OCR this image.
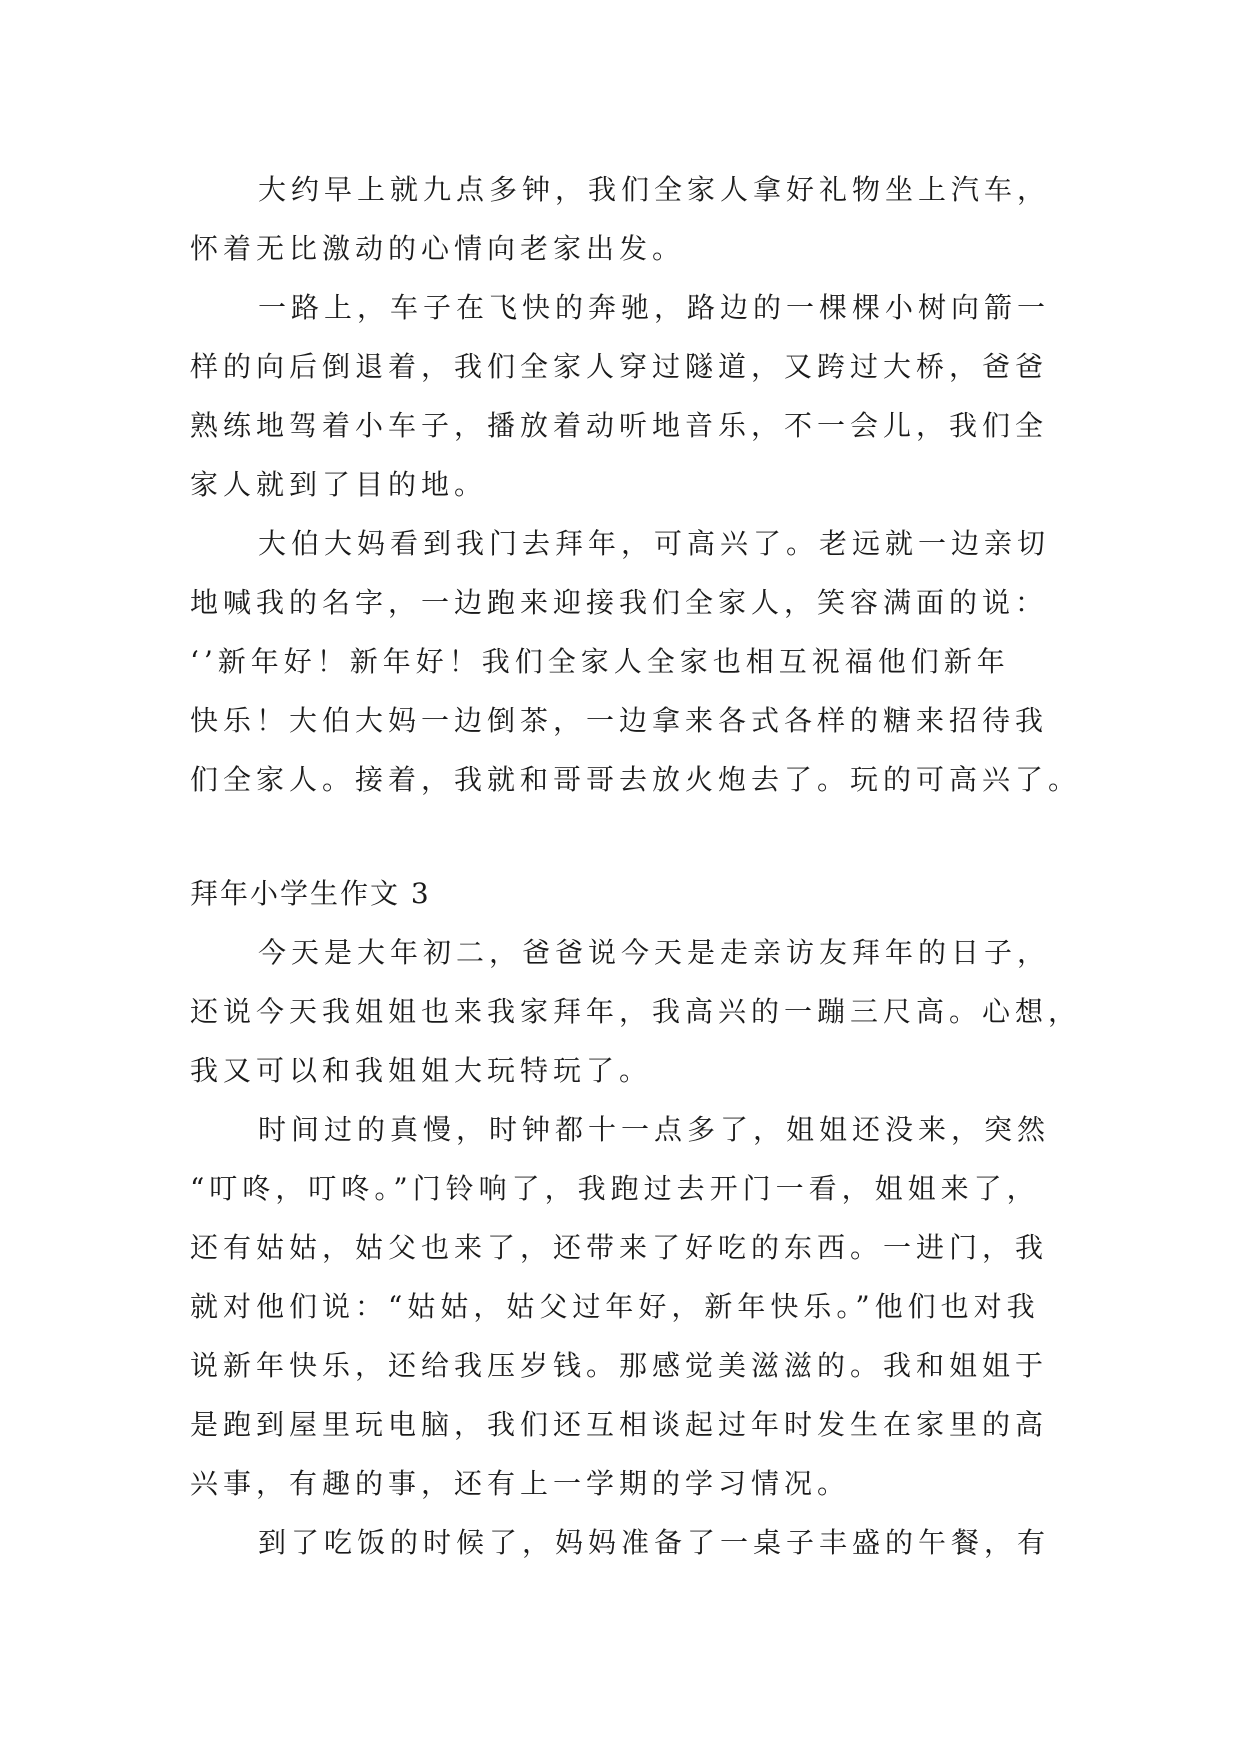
大约早上就九点多钟，我们全家人拿好礼物坐上汽车，
怀着无比激动的心情向老家出发。
一路上，车子在飞快的奔驰，路边的一棵棵小树向箭一
样的向后倒退着，我们全家人穿过隧道，又跨过大桥，爸爸
熟练地驾着小车子，播放着动听地音乐，不一会儿，我们全
家人就到了目的地。
大伯大妈看到我门去拜年，可高兴了。老远就一边亲切
地喊我的名字，一边跑来迎接我们全家人，笑容满面的说：
‘’新年好！新年好！我们全家人全家也相互祝福他们新年
快乐！大伯大妈一边倒茶，一边拿来各式各样的糖来招待我
们全家人。接着，我就和哥哥去放火炮去了。玩的可高兴了。
拜年小学生作文 3
今天是大年初二，爸爸说今天是走亲访友拜年的日子，
还说今天我姐姐也来我家拜年，我高兴的一蹦三尺高。心想，
我又可以和我姐姐大玩特玩了。
时间过的真慢，时钟都十一点多了，姐姐还没来，突然
“叮咚，叮咚。”门铃响了，我跑过去开门一看，姐姐来了，
还有姑姑，姑父也来了，还带来了好吃的东西。一进门，我
就对他们说：“姑姑，姑父过年好，新年快乐。”他们也对我
说新年快乐，还给我压岁钱。那感觉美滋滋的。我和姐姐于
是跑到屋里玩电脑，我们还互相谈起过年时发生在家里的高
兴事，有趣的事，还有上一学期的学习情况。
到了吃饭的时候了，妈妈准备了一桌子丰盛的午餐，有
